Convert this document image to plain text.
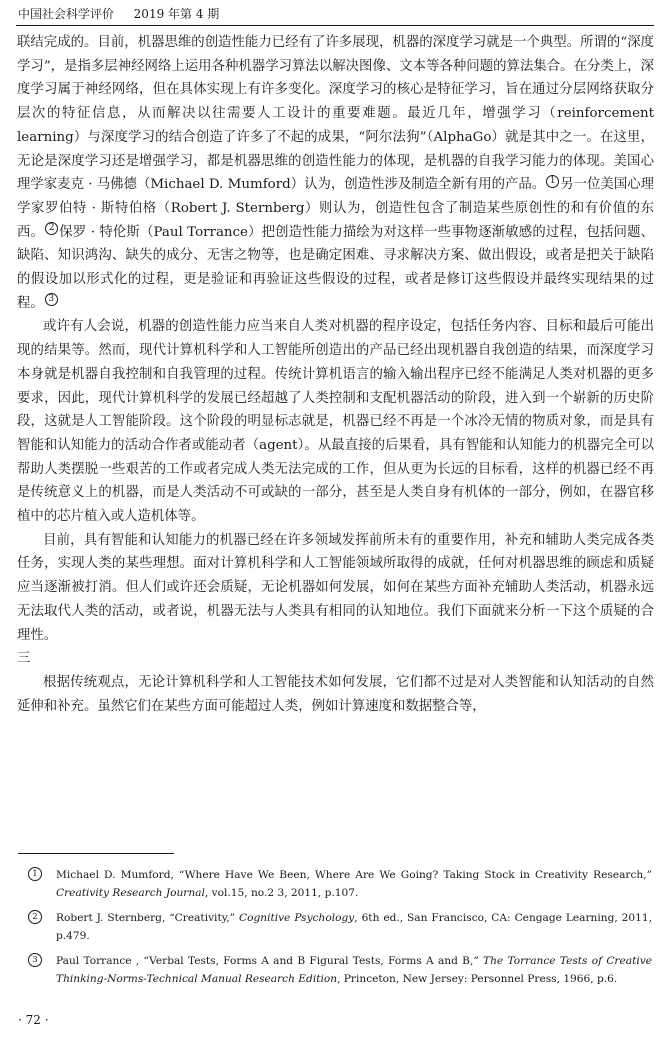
中国社会科学评价 2019 年第 4 期

联结完成的。目前，机器思维的创造性能力已经有了许多展现，机器的深度学习就是一个典型。所谓的“深度学习”，是指多层神经网络上运用各种机器学习算法以解决图像、文本等各种问题的算法集合。在分类上，深度学习属于神经网络，但在具体实现上有许多变化。深度学习的核心是特征学习，旨在通过分层网络获取分层次的特征信息，从而解决以往需要人工设计的重要难题。最近几年，增强学习（reinforcement learning）与深度学习的结合创造了许多了不起的成果，“阿尔法狗”（AlphaGo）就是其中之一。在这里，无论是深度学习还是增强学习，都是机器思维的创造性能力的体现，是机器的自我学习能力的体现。美国心理学家麦克 · 马佛德（Michael D. Mumford）认为，创造性涉及制造全新有用的产品。 1 另一位美国心理学家罗伯特 · 斯特伯格（Robert J. Sternberg）则认为，创造性包含了制造某些原创性的和有价值的东西。 2 保罗 · 特伦斯（Paul Torrance）把创造性能力描绘为对这样一些事物逐渐敏感的过程，包括问题、缺陷、知识鸿沟、缺失的成分、无害之物等，也是确定困难、寻求解决方案、做出假设，或者是把关于缺陷的假设加以形式化的过程，更是验证和再验证这些假设的过程，或者是修订这些假设并最终实现结果的过程。 3

或许有人会说，机器的创造性能力应当来自人类对机器的程序设定，包括任务内容、目标和最后可能出现的结果等。然而，现代计算机科学和人工智能所创造出的产品已经出现机器自我创造的结果，而深度学习本身就是机器自我控制和自我管理的过程。传统计算机语言的输入输出程序已经不能满足人类对机器的更多要求，因此，现代计算机科学的发展已经超越了人类控制和支配机器活动的阶段，进入到一个崭新的历史阶段，这就是人工智能阶段。这个阶段的明显标志就是，机器已经不再是一个冰冷无情的物质对象，而是具有智能和认知能力的活动合作者或能动者（agent）。从最直接的后果看，具有智能和认知能力的机器完全可以帮助人类摆脱一些艰苦的工作或者完成人类无法完成的工作，但从更为长远的目标看，这样的机器已经不再是传统意义上的机器，而是人类活动不可或缺的一部分，甚至是人类自身有机体的一部分，例如，在器官移植中的芯片植入或人造机体等。

目前，具有智能和认知能力的机器已经在许多领域发挥前所未有的重要作用，补充和辅助人类完成各类任务，实现人类的某些理想。面对计算机科学和人工智能领域所取得的成就，任何对机器思维的顾虑和质疑应当逐渐被打消。但人们或许还会质疑，无论机器如何发展，如何在某些方面补充辅助人类活动，机器永远无法取代人类的活动，或者说，机器无法与人类具有相同的认知地位。我们下面就来分析一下这个质疑的合理性。

三

根据传统观点，无论计算机科学和人工智能技术如何发展，它们都不过是对人类智能和认知活动的自然延伸和补充。虽然它们在某些方面可能超过人类，例如计算速度和数据整合等，

1	Michael D. Mumford, “Where Have We Been, Where Are We Going? Taking Stock in Creativity Research,” Creativity Research Journal, vol.15, no.2 3, 2011, p.107.
2	Robert J. Sternberg, “Creativity,” Cognitive Psychology, 6th ed., San Francisco, CA: Cengage Learning, 2011, p.479.
3	Paul Torrance , “Verbal Tests, Forms A and B Figural Tests, Forms A and B,” The Torrance Tests of Creative Thinking-Norms-Technical Manual Research Edition, Princeton, New Jersey: Personnel Press, 1966, p.6.
· 72 ·
